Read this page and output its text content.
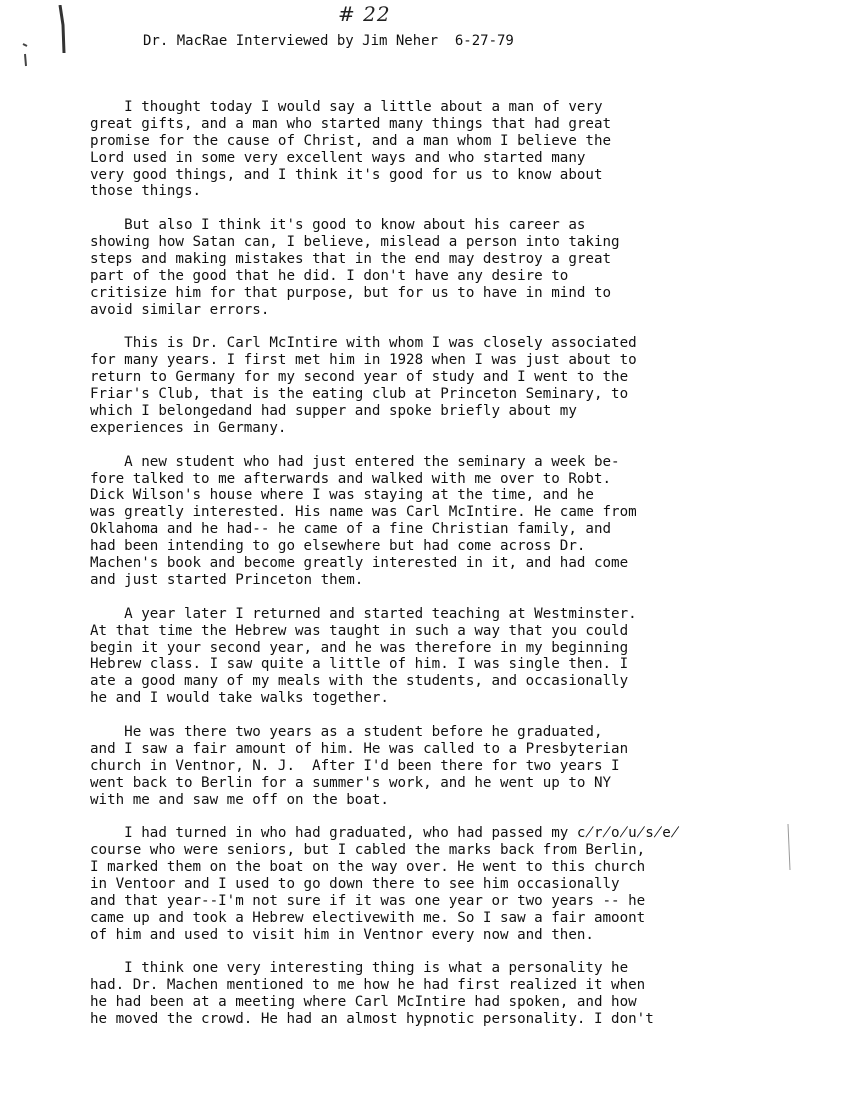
# 22
Dr. MacRae Interviewed by Jim Neher  6-27-79
I thought today I would say a little about a man of very
great gifts, and a man who started many things that had great
promise for the cause of Christ, and a man whom I believe the
Lord used in some very excellent ways and who started many
very good things, and I think it's good for us to know about
those things.
But also I think it's good to know about his career as
showing how Satan can, I believe, mislead a person into taking
steps and making mistakes that in the end may destroy a great
part of the good that he did. I don't have any desire to
critisize him for that purpose, but for us to have in mind to
avoid similar errors.
This is Dr. Carl McIntire with whom I was closely associated
for many years. I first met him in 1928 when I was just about to
return to Germany for my second year of study and I went to the
Friar's Club, that is the eating club at Princeton Seminary, to
which I belongedand had supper and spoke briefly about my
experiences in Germany.
A new student who had just entered the seminary a week be-
fore talked to me afterwards and walked with me over to Robt.
Dick Wilson's house where I was staying at the time, and he
was greatly interested. His name was Carl McIntire. He came from
Oklahoma and he had-- he came of a fine Christian family, and
had been intending to go elsewhere but had come across Dr.
Machen's book and become greatly interested in it, and had come
and just started Princeton them.
A year later I returned and started teaching at Westminster.
At that time the Hebrew was taught in such a way that you could
begin it your second year, and he was therefore in my beginning
Hebrew class. I saw quite a little of him. I was single then. I
ate a good many of my meals with the students, and occasionally
he and I would take walks together.
He was there two years as a student before he graduated,
and I saw a fair amount of him. He was called to a Presbyterian
church in Ventnor, N. J.  After I'd been there for two years I
went back to Berlin for a summer's work, and he went up to NY
with me and saw me off on the boat.
I had turned in who had graduated, who had passed my c̸r̸o̸u̸s̸e̸
course who were seniors, but I cabled the marks back from Berlin,
I marked them on the boat on the way over. He went to this church
in Ventoor and I used to go down there to see him occasionally
and that year--I'm not sure if it was one year or two years -- he
came up and took a Hebrew electivewith me. So I saw a fair amoont
of him and used to visit him in Ventnor every now and then.
I think one very interesting thing is what a personality he
had. Dr. Machen mentioned to me how he had first realized it when
he had been at a meeting where Carl McIntire had spoken, and how
he moved the crowd. He had an almost hypnotic personality. I don't
